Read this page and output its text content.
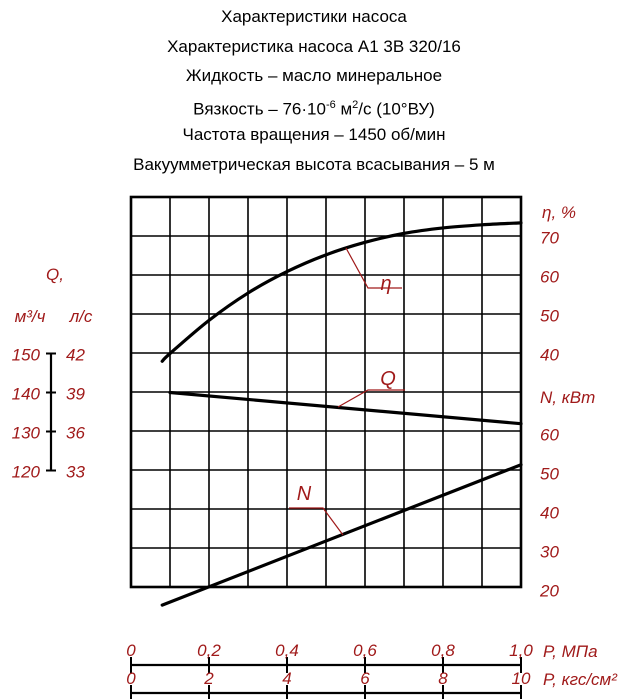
Характеристики насоса
Характеристика насоса А1 3В 320/16
Жидкость – масло минеральное
Вязкость – $76\cdot 10^{-6}$ $м^2/с$ (10°ВУ)
Частота вращения – 1450 об/мин
Вакуумметрическая высота всасывания – 5 м
η
Q
N
η, %
40
50
60
70
N, кВт
20
30
40
50
60
Q,
м³/ч л/с
150 42
140 39
130 36
120 33
0	0,2	0,4	0,6	0,8	1,0 P, МПа
0	2	4	6	8	10 P, кгс/см²
